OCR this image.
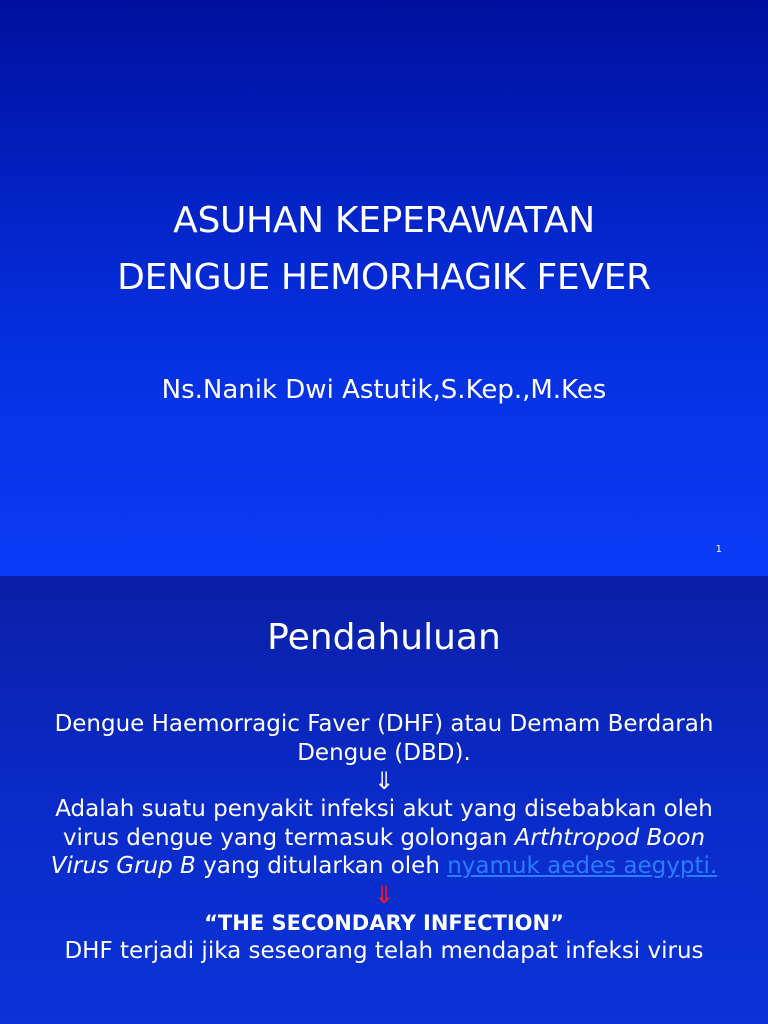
ASUHAN KEPERAWATAN
DENGUE HEMORHAGIK FEVER
Ns.Nanik Dwi Astutik,S.Kep.,M.Kes
1
Pendahuluan

Dengue Haemorragic Faver (DHF) atau Demam Berdarah Dengue (DBD).

⇓

Adalah suatu penyakit infeksi akut yang disebabkan oleh virus dengue yang termasuk golongan Arthtropod Boon Virus Grup B yang ditularkan oleh nyamuk aedes aegypti.

⇓

“THE SECONDARY INFECTION”

DHF terjadi jika seseorang telah mendapat infeksi virus
